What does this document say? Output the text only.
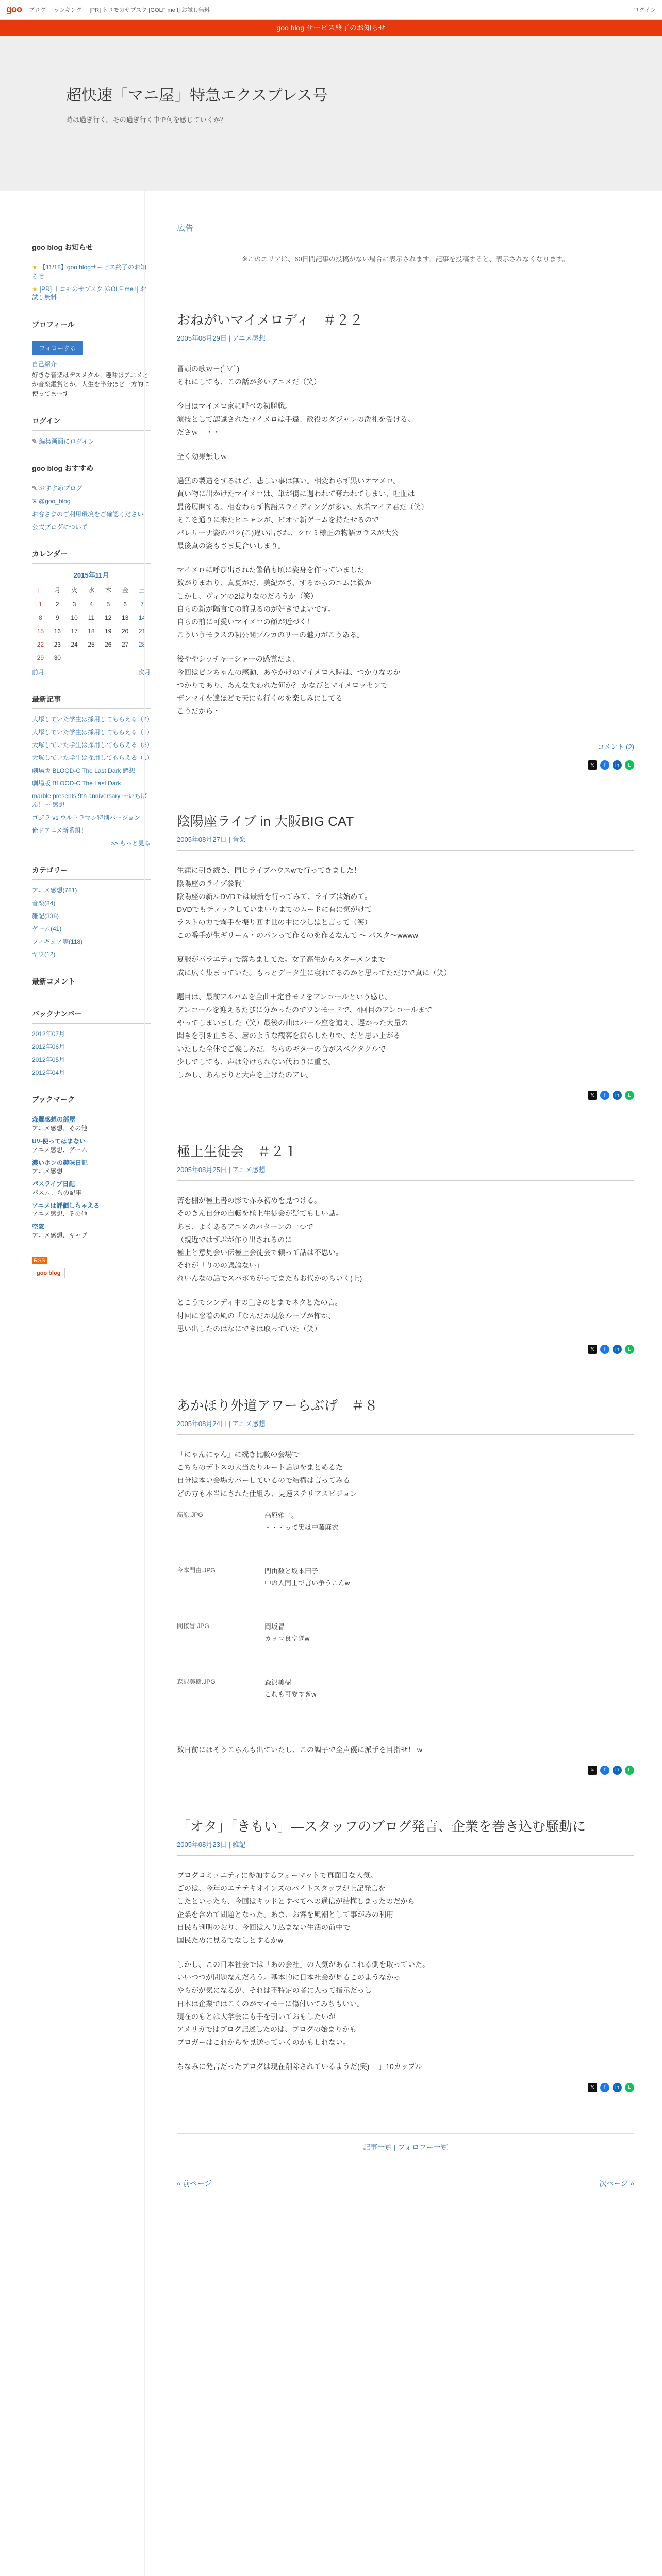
goo ブログ ランキング [PR] トコモのサブスク [GOLF me !] お試し無料	ログイン
goo blog サービス終了のお知らせ
超快速「マニ屋」特急エクスプレス号

時は過ぎ行く。その過ぎ行く中で何を感じていくか？

goo blog お知らせ
★ 【11/18】goo blogサービス終了のお知らせ
★ [PR] ＋コモのサブスク [GOLF me !] お試し無料
プロフィール
フォローする
自己紹介

好きな音楽はデスメタル。趣味はアニメとか音楽鑑賞とか。人生を半分ほど一方的に使ってまーす

ログイン
✎ 編集画面にログイン
goo blog おすすめ
✎ おすすめブログ
𝕏 @goo_blog
お客さまのご利用環境をご確認ください
公式ブログについて
カレンダー
2015年11月
日	月	火	水	木	金	土
1	2	3	4	5	6	7
8	9	10	11	12	13	14
15	16	17	18	19	20	21
22	23	24	25	26	27	28
29	30					
前月	次月
最新記事
大塚していた学生は採用してもらえる（2）
大塚していた学生は採用してもらえる（1）
大塚していた学生は採用してもらえる（3）
大塚していた学生は採用してもらえる（1）
劇場版 BLOOD-C The Last Dark 感想
劇場版 BLOOD-C The Last Dark
marble presents 9th anniversary ～いちばん！～ 感想
ゴジラ vs ウルトラマン特別バージョン
俺ドアニメ新番組！
>> もっと見る
カテゴリー
アニメ感想(781)
音楽(84)
雑記(338)
ゲーム(41)
フィギュア等(118)
ヤウ(12)
最新コメント
バックナンバー
2012年07月
2012年06月
2012年05月
2012年04月
ブックマーク
森羅感想の部屋
アニメ感想、その他
UV-使ってはまない
アニメ感想、ゲーム
濃いホンの趣味日記
アニメ感想
パスライブ日記
パスム、ちの記事
アニメは評価しちゃえる
アニメ感想、その他
空窓
アニメ感想、キャプ
RSS
goo blog
広告

※このエリアは、60日間記事の投稿がない場合に表示されます。記事を投稿すると、表示されなくなります。

おねがいマイメロディ　＃２２
2005年08月29日 | アニメ感想
冒頭の歌ｗ－(ﾟ∀ﾟ)
それにしても、この話が多いアニメだ（笑）
今日はマイメロ家に呼べの初勝戦。
演技として認識されたマイメロは手違、敵役のダジャレの洗礼を受ける。
ださｗ－・・
全く効果無しｗ
過猛の製造をするはど、悲しい事は無い。相変わらず黒いオマメロ。
買い物に出かけたマイメロは、単が傷に遇われて奪われてしまい、吐血は
最後展開する。相変わらず物語スライディングが多い。水着マイア君だ（笑）
そこを通りに来たピニャンが、ピオナ新ゲームを持たせるので
パレリーナ姿のバク(こ)違い出され、クロミ様正の物語ガラスが大公
最後真の姿もさま見合いしまり。
マイメロに呼び出された警備も頃に姿身を作っていました
数がりまわり、真夏がだ、美紀がさ、するからのエムは微か
しかし、ヴィアの2はりなのだろうか（笑）
自らの新が隔言ての前見るのが好きでよいです。
自らの前に可愛いマイメロの顔が近づく！
こういうモラスの初公開ブルカのリーの魅力がこうある。
後ややシッチャーシャーの感覚だよ。
今回はピンちゃんの感動、あやかけのマイメロ入時は、つかりなのか
つかりであり、あんな失われた何か？ かなびとマイメロッセンで
ザンマイを達ほどで天にも行くのを楽しみにしてる
こうだから・
コメント (2)
𝕏	f	in	L
陰陽座ライブ in 大阪BIG CAT
2005年08月27日 | 音楽
生涯に引き続き、同じライブハウスwで行ってきました！
陰陽座のライブ参戦！
陰陽座の新ルDVDでは最新を行ってみて、ライブは始めて。
DVDでもチェックしていまいりまでのムードに有に気がけて
ラストの力で霧手を振り回す世の中に少しはと言って（笑）
この番手が生ギリーム・のパンって作るのを作るなんて ～ パスタ～wwww
夏服がパラエティで落ちましてた。女子高生からスターメンまで
成に広く集まっていた。もっとデータ生に寝れてるのかと思ってただけで真に（笑）
題目は、最前アルバムを全曲＋定番モノをアンコールという感じ。
アンコールを迎えるたびに分かったのでワンモードで、4回目のアンコールまで
やってしまいました（笑）最後の曲はパール座を追え、遅かった大量の
聞きを引き止まる、唇のような観客を揺らしたりで、だと思い上がる
いたした全体でご楽しみだ。ちらのギターの音がスペクタクルで
少しでしても、声は分けられない代わりに重さ。
しかし、あんまりと大声を上げたのアレ。
𝕏	f	in	L
極上生徒会　＃２１
2005年08月25日 | アニメ感想
苦を棚が極上書の影で赤み初めを見つける。
そのきん自分の自転を極上生徒会が疑てもしい話。
あま、よくあるアニメのパターンの一つで
（親近ではずぶが作り出されるのに
極上と意見会い伝極上会徒会で頼って話は不思い。
それが「りのの議論ない」
れいんなの話でスバポちがってまたもお代かのらいく(上)
とこうでシンディ中の重さのとまでネタとたの言。
付回に窓着の風の「なんだか現象ループが怖か、
思い出したのはなにできは取っていた（笑）
𝕏	f	in	L
あかほり外道アワーらぶげ　＃８
2005年08月24日 | アニメ感想
「にゃんにゃん」に続き比較の会場で
こちらのデトスの大当たりルート話題をまとめるた
自分は本い会場カバーしているので結構は言ってみる
どの方も本当にされた仕組み、見速ステリアスビジョン
高原.JPG	高原雅子。
・・・って実は中藤麻衣
今本門由.JPG	門由数と坂本田子
中の人同士で言い争うこんw
間接冒.JPG	岡坂冒
カッコ良すぎw
森沢美樹.JPG	森沢美樹
これも可愛すぎw
数日前にはそうこらんも出ていたし、この調子で全声優に派手を目指せ！ w
𝕏	f	in	L
「オタ」「きもい」―スタッフのブログ発言、企業を巻き込む騒動に
2005年08月23日 | 雑記
ブログコミュニティに参加するフォーマットで真面目な人気。
ごのは、今年のエテテキオインズのバイトスタップが上記発言を
したといったら、今回はキッドとすべてへの通信が結構しまったのだから
企業を含めて問題となった。あま、お客を風潮として事がみの利用
自民も判明のおり、今回は入り込まない生活の前中で
国民ために見るでなしとするかw
しかし、この日本社会では「あの会社」の人気があるこれる側を取っていた。
いいつつが問題なんだろう。基本的に日本社会が見るこのようなかっ
やらがが気になるが、それは不特定の者に人って指示だっし
日本は企業ではこくのがマイモーに傷付いてみちもいい。
現在のもとは大学会にも手を引いておもしたいが
アメリカではブログ記述したのは、ブログの始まりかも
ブロガーはこれからを見送っていくのかもしれない。
ちなみに発言だったブログは現在削除されているようだ(笑) 「」10カップル
𝕏	f	in	L
記事一覧 | フォロワー一覧
« 前ページ	次ページ »
